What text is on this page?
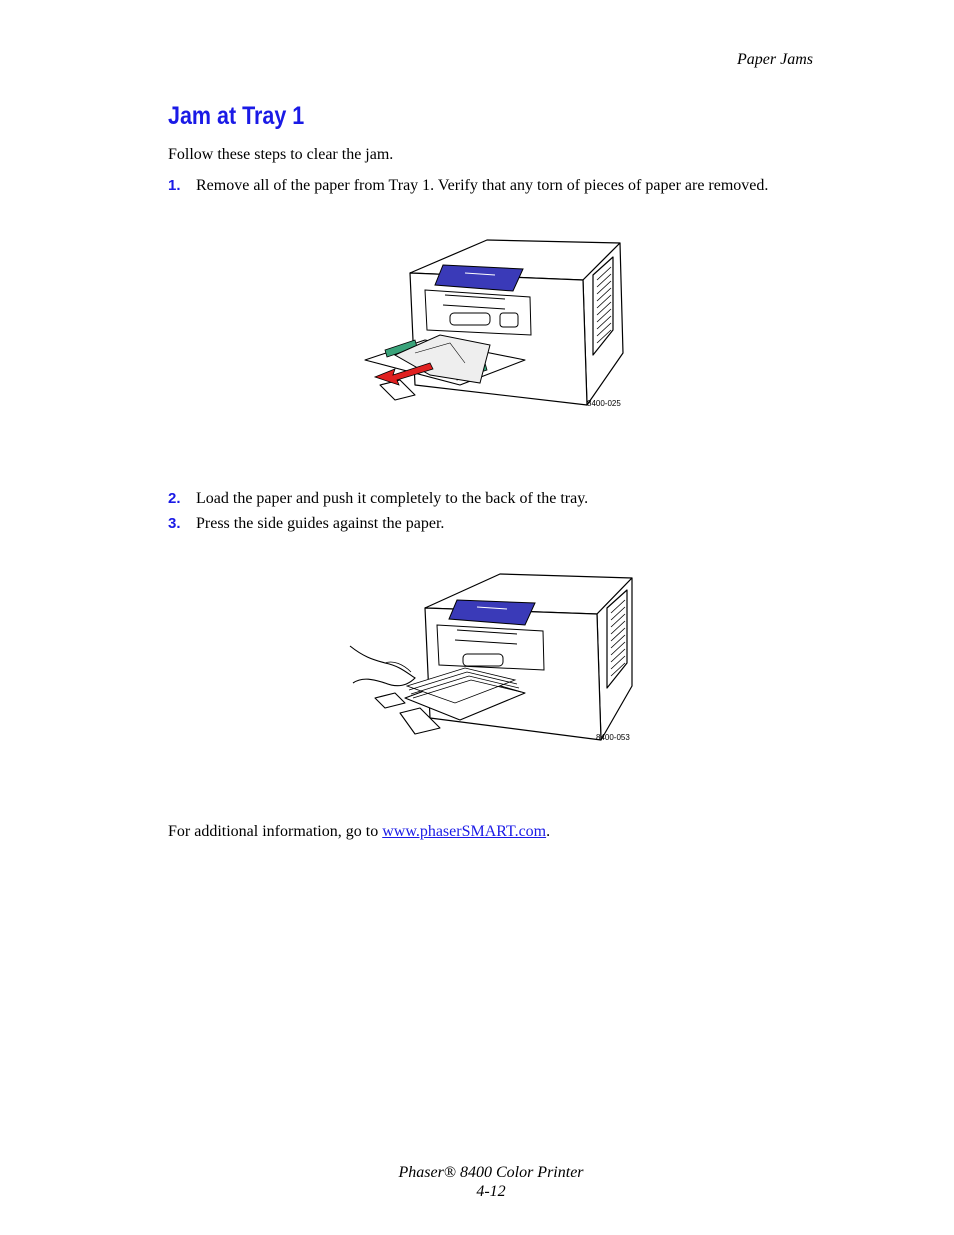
Paper Jams
Jam at Tray 1
Follow these steps to clear the jam.
1. Remove all of the paper from Tray 1. Verify that any torn of pieces of paper are removed.
8400-025
2. Load the paper and push it completely to the back of the tray.
3. Press the side guides against the paper.
8400-053
For additional information, go to www.phaserSMART.com.
Phaser® 8400 Color Printer
4-12
